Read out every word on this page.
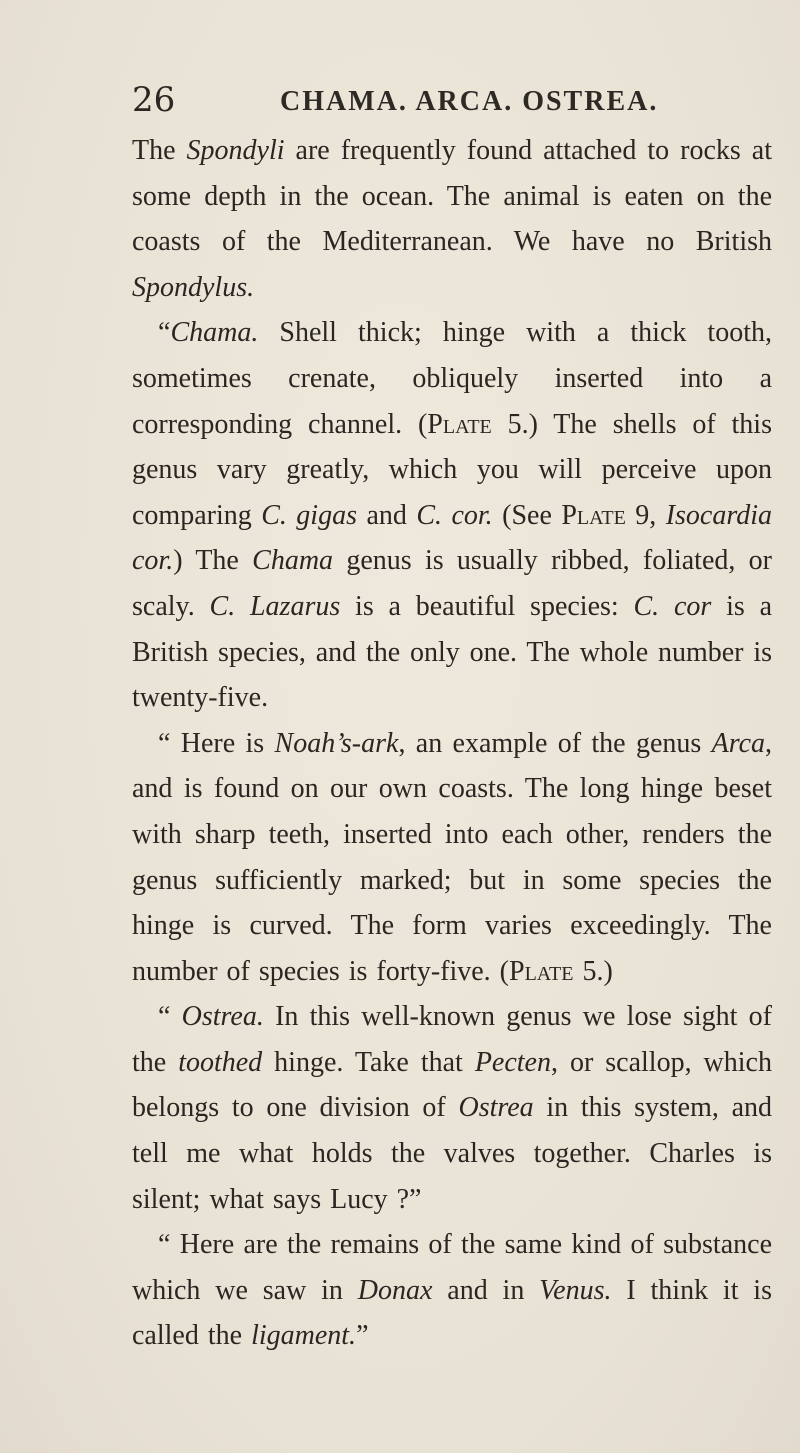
26	CHAMA. ARCA. OSTREA.

The Spondyli are frequently found attached to rocks at some depth in the ocean. The animal is eaten on the coasts of the Mediterranean. We have no British Spondylus.

“Chama. Shell thick; hinge with a thick tooth, sometimes crenate, obliquely inserted into a corresponding channel. (Plate 5.) The shells of this genus vary greatly, which you will perceive upon comparing C. gigas and C. cor. (See Plate 9, Isocardia cor.) The Chama genus is usually ribbed, foliated, or scaly. C. Lazarus is a beautiful species: C. cor is a British species, and the only one. The whole number is twenty-five.

“ Here is Noah’s-ark, an example of the genus Arca, and is found on our own coasts. The long hinge beset with sharp teeth, inserted into each other, renders the genus sufficiently marked; but in some species the hinge is curved. The form varies exceedingly. The number of species is forty-five. (Plate 5.)

“ Ostrea. In this well-known genus we lose sight of the toothed hinge. Take that Pecten, or scallop, which belongs to one division of Ostrea in this system, and tell me what holds the valves together. Charles is silent; what says Lucy ?”

“ Here are the remains of the same kind of substance which we saw in Donax and in Venus. I think it is called the ligament.”
